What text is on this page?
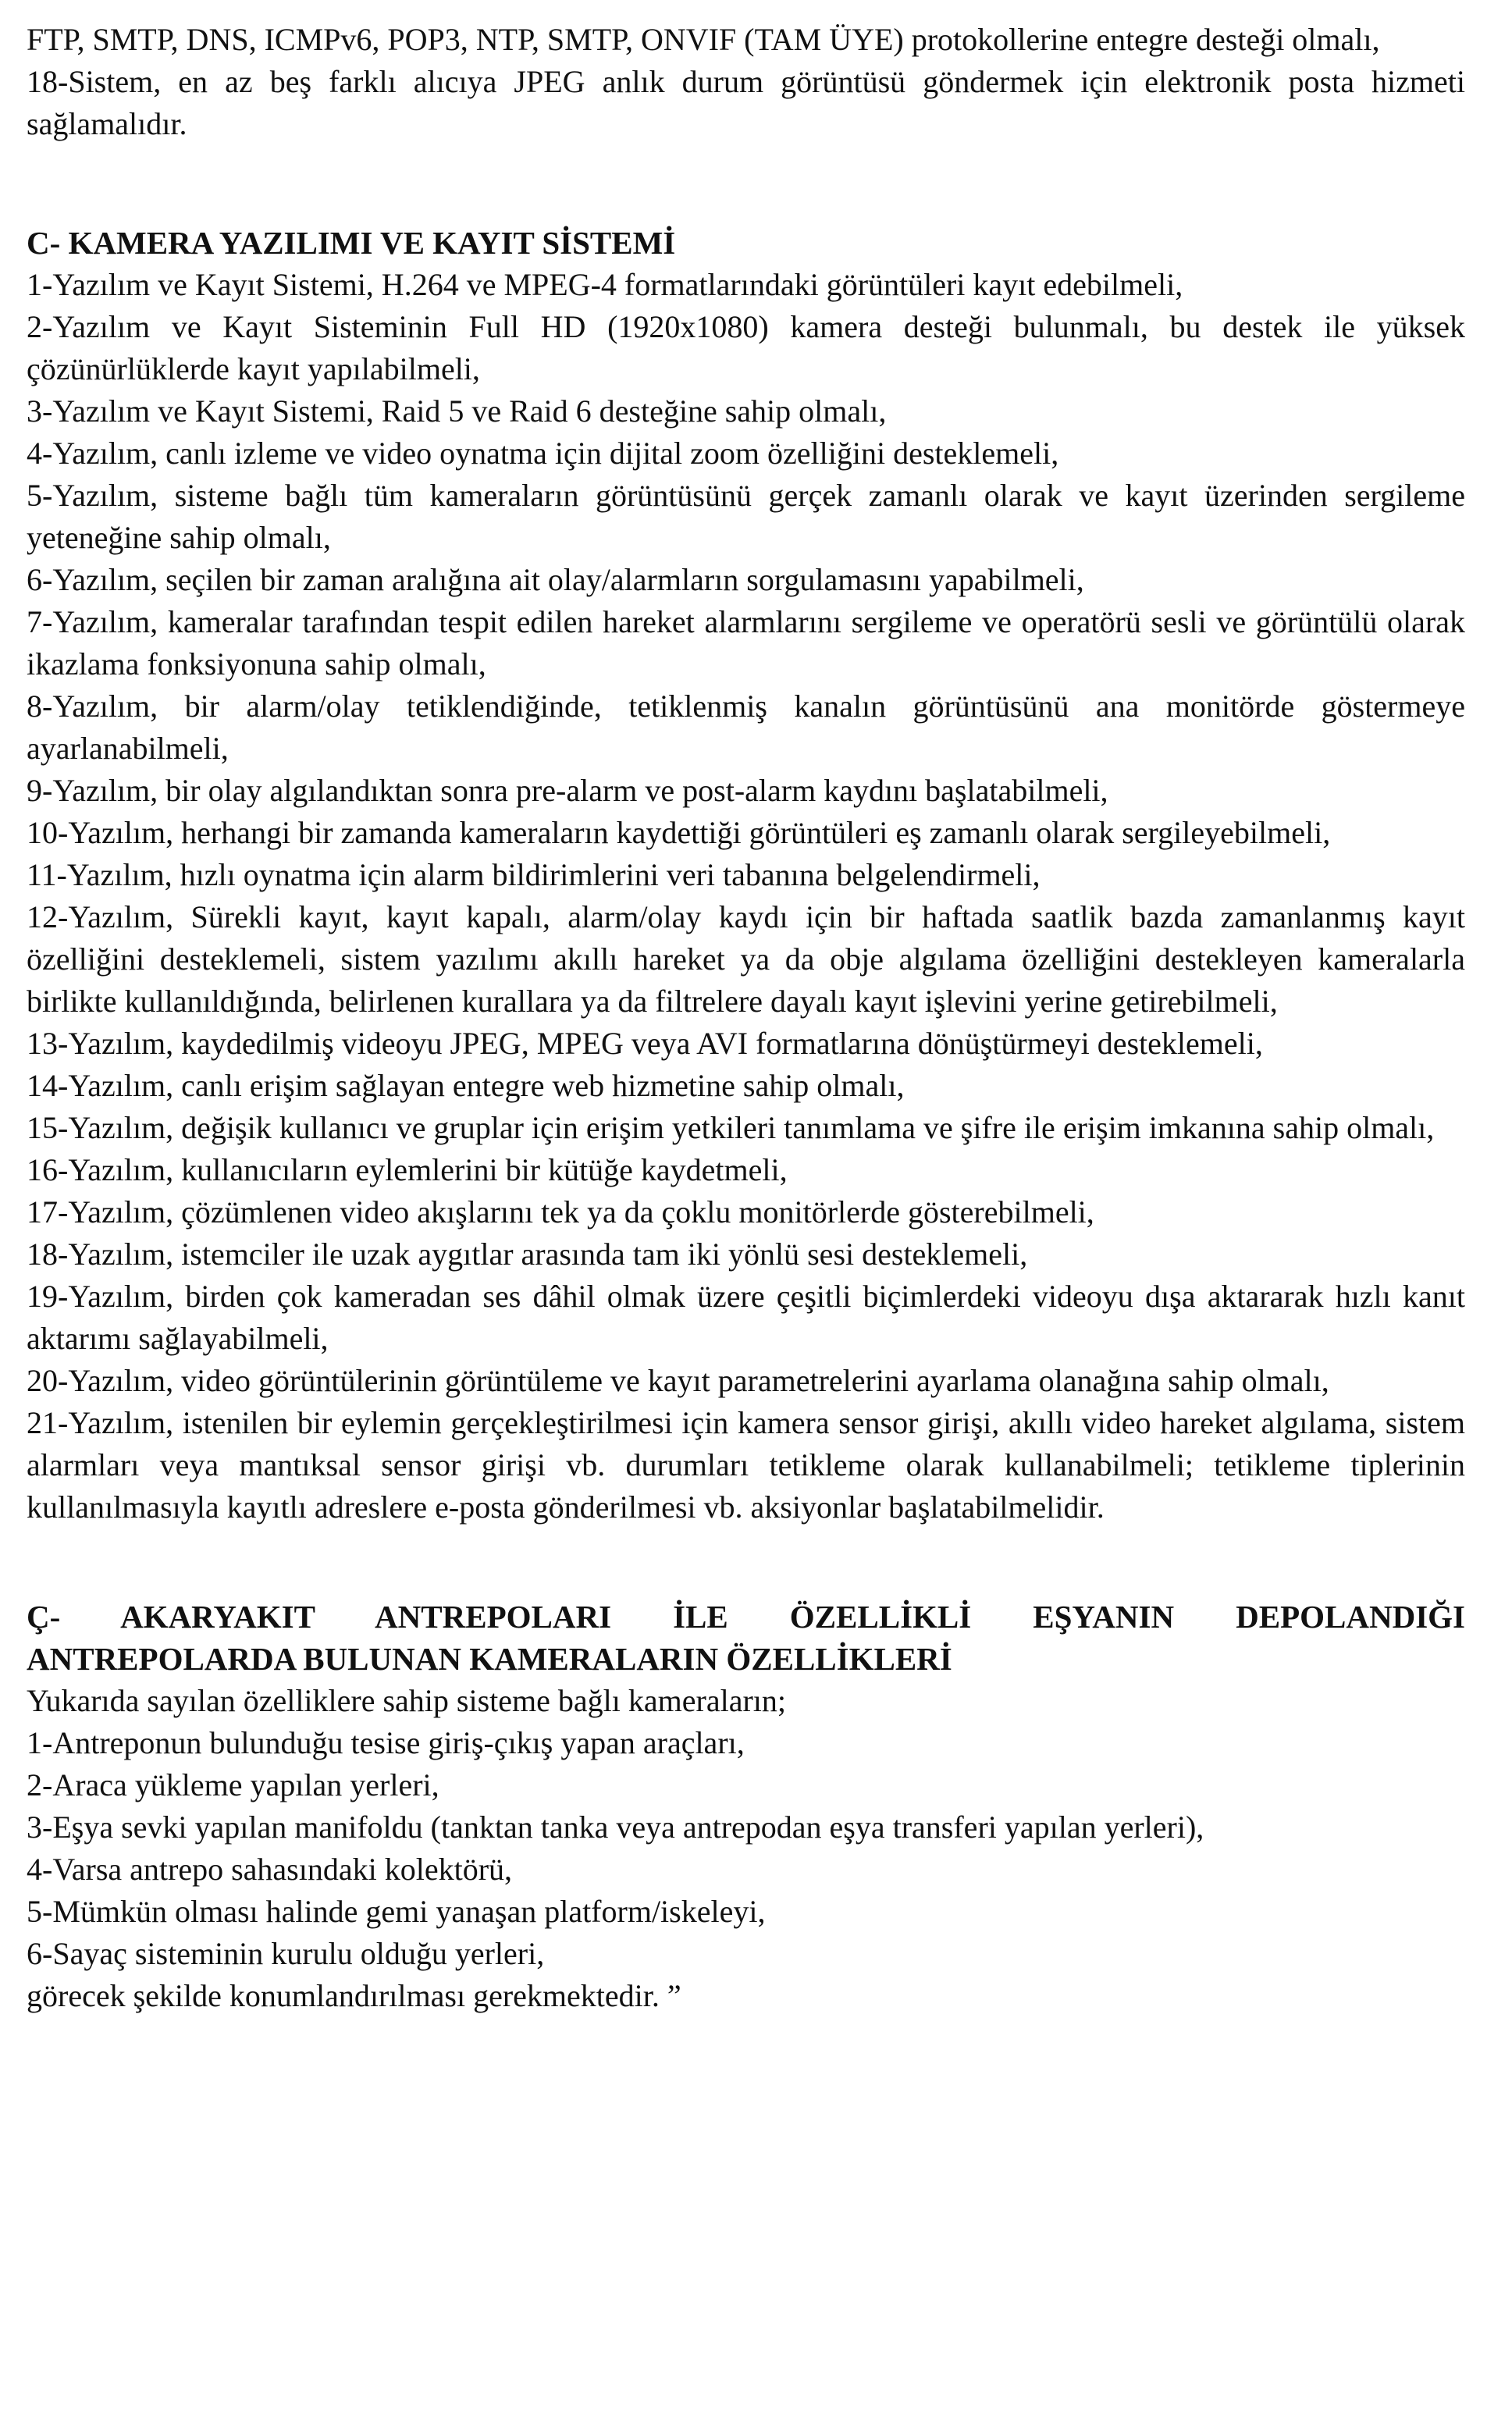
FTP, SMTP, DNS, ICMPv6, POP3, NTP, SMTP, ONVIF (TAM ÜYE) protokollerine entegre desteği olmalı,

18-Sistem, en az beş farklı alıcıya JPEG anlık durum görüntüsü göndermek için elektronik posta hizmeti sağlamalıdır.

C- KAMERA YAZILIMI VE KAYIT SİSTEMİ

1-Yazılım ve Kayıt Sistemi, H.264 ve MPEG-4 formatlarındaki görüntüleri kayıt edebilmeli,

2-Yazılım ve Kayıt Sisteminin Full HD (1920x1080) kamera desteği bulunmalı, bu destek ile yüksek çözünürlüklerde kayıt yapılabilmeli,

3-Yazılım ve Kayıt Sistemi, Raid 5 ve Raid 6 desteğine sahip olmalı,

4-Yazılım, canlı izleme ve video oynatma için dijital zoom özelliğini desteklemeli,

5-Yazılım, sisteme bağlı tüm kameraların görüntüsünü gerçek zamanlı olarak ve kayıt üzerinden sergileme yeteneğine sahip olmalı,

6-Yazılım, seçilen bir zaman aralığına ait olay/alarmların sorgulamasını yapabilmeli,

7-Yazılım, kameralar tarafından tespit edilen hareket alarmlarını sergileme ve operatörü sesli ve görüntülü olarak ikazlama fonksiyonuna sahip olmalı,

8-Yazılım, bir alarm/olay tetiklendiğinde, tetiklenmiş kanalın görüntüsünü ana monitörde göstermeye ayarlanabilmeli,

9-Yazılım, bir olay algılandıktan sonra pre-alarm ve post-alarm kaydını başlatabilmeli,

10-Yazılım, herhangi bir zamanda kameraların kaydettiği görüntüleri eş zamanlı olarak sergileyebilmeli,

11-Yazılım, hızlı oynatma için alarm bildirimlerini veri tabanına belgelendirmeli,

12-Yazılım, Sürekli kayıt, kayıt kapalı, alarm/olay kaydı için bir haftada saatlik bazda zamanlanmış kayıt özelliğini desteklemeli, sistem yazılımı akıllı hareket ya da obje algılama özelliğini destekleyen kameralarla birlikte kullanıldığında, belirlenen kurallara ya da filtrelere dayalı kayıt işlevini yerine getirebilmeli,

13-Yazılım, kaydedilmiş videoyu JPEG, MPEG veya AVI formatlarına dönüştürmeyi desteklemeli,

14-Yazılım, canlı erişim sağlayan entegre web hizmetine sahip olmalı,

15-Yazılım, değişik kullanıcı ve gruplar için erişim yetkileri tanımlama ve şifre ile erişim imkanına sahip olmalı,

16-Yazılım, kullanıcıların eylemlerini bir kütüğe kaydetmeli,

17-Yazılım, çözümlenen video akışlarını tek ya da çoklu monitörlerde gösterebilmeli,

18-Yazılım, istemciler ile uzak aygıtlar arasında tam iki yönlü sesi desteklemeli,

19-Yazılım, birden çok kameradan ses dâhil olmak üzere çeşitli biçimlerdeki videoyu dışa aktararak hızlı kanıt aktarımı sağlayabilmeli,

20-Yazılım, video görüntülerinin görüntüleme ve kayıt parametrelerini ayarlama olanağına sahip olmalı,

21-Yazılım, istenilen bir eylemin gerçekleştirilmesi için kamera sensor girişi, akıllı video hareket algılama, sistem alarmları veya mantıksal sensor girişi vb. durumları tetikleme olarak kullanabilmeli; tetikleme tiplerinin kullanılmasıyla kayıtlı adreslere e-posta gönderilmesi vb. aksiyonlar başlatabilmelidir.

Ç- AKARYAKIT ANTREPOLARI İLE ÖZELLİKLİ EŞYANIN DEPOLANDIĞI

ANTREPOLARDA BULUNAN KAMERALARIN ÖZELLİKLERİ

Yukarıda sayılan özelliklere sahip sisteme bağlı kameraların;

1-Antreponun bulunduğu tesise giriş-çıkış yapan araçları,

2-Araca yükleme yapılan yerleri,

3-Eşya sevki yapılan manifoldu (tanktan tanka veya antrepodan eşya transferi yapılan yerleri),

4-Varsa antrepo sahasındaki kolektörü,

5-Mümkün olması halinde gemi yanaşan platform/iskeleyi,

6-Sayaç sisteminin kurulu olduğu yerleri,

görecek şekilde konumlandırılması gerekmektedir. ”
